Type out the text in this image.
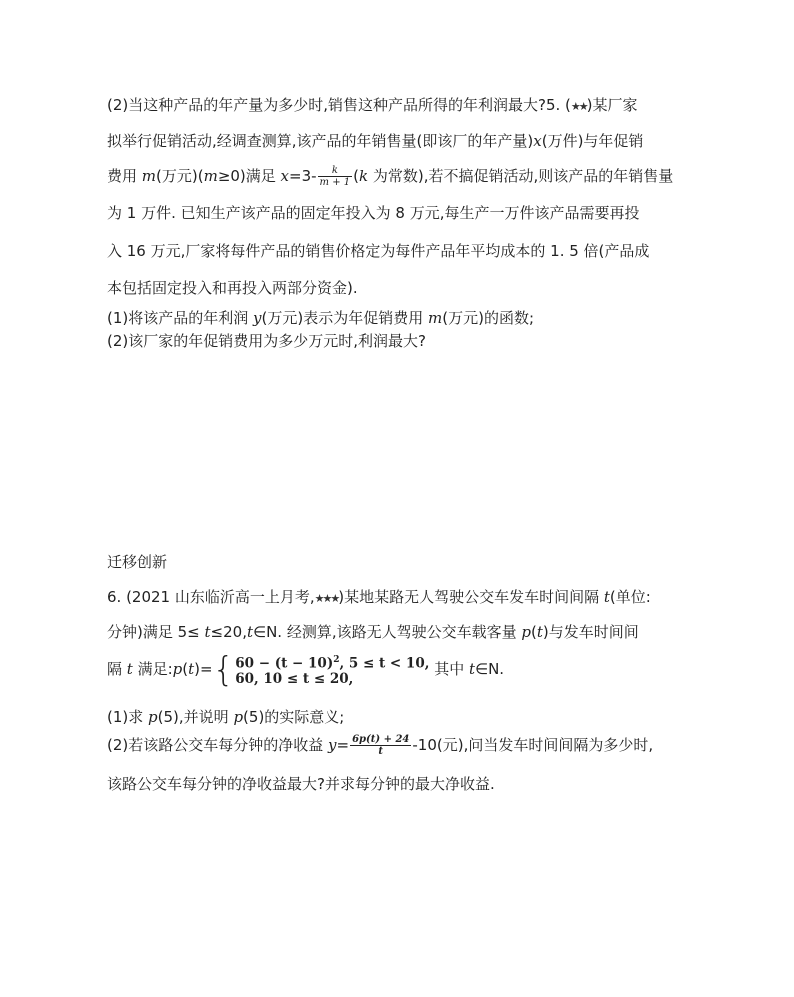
(2)当这种产品的年产量为多少时,销售这种产品所得的年利润最大?5. (★★)某厂家
拟举行促销活动,经调查测算,该产品的年销售量(即该厂的年产量)x(万件)与年促销
费用 m(万元)(m≥0)满足 $x=3- \frac{k}{m + 1} (k$ 为常数),若不搞促销活动,则该产品的年销售量
为 1 万件. 已知生产该产品的固定年投入为 8 万元,每生产一万件该产品需要再投
入 16 万元,厂家将每件产品的销售价格定为每件产品年平均成本的 1. 5 倍(产品成
本包括固定投入和再投入两部分资金).
(1)将该产品的年利润 y(万元)表示为年促销费用 m(万元)的函数;
(2)该厂家的年促销费用为多少万元时,利润最大?
迁移创新
6. (2021 山东临沂高一上月考,★★★)某地某路无人驾驶公交车发车时间间隔 t(单位:
分钟)满足 5≤ t≤20,t∈N. 经测算,该路无人驾驶公交车载客量 p(t)与发车时间间
隔 t 满足:p(t)={ $60 - (t - 10)^2$, 5 ≤ t < 10,
60, 10 ≤ t ≤ 20,
其中 t∈N.
(1)求 p(5),并说明 p(5)的实际意义;
(2)若该路公交车每分钟的净收益 $y= \frac{6p(t) + 24}{t} -10$(元),问当发车时间间隔为多少时,
该路公交车每分钟的净收益最大?并求每分钟的最大净收益.
